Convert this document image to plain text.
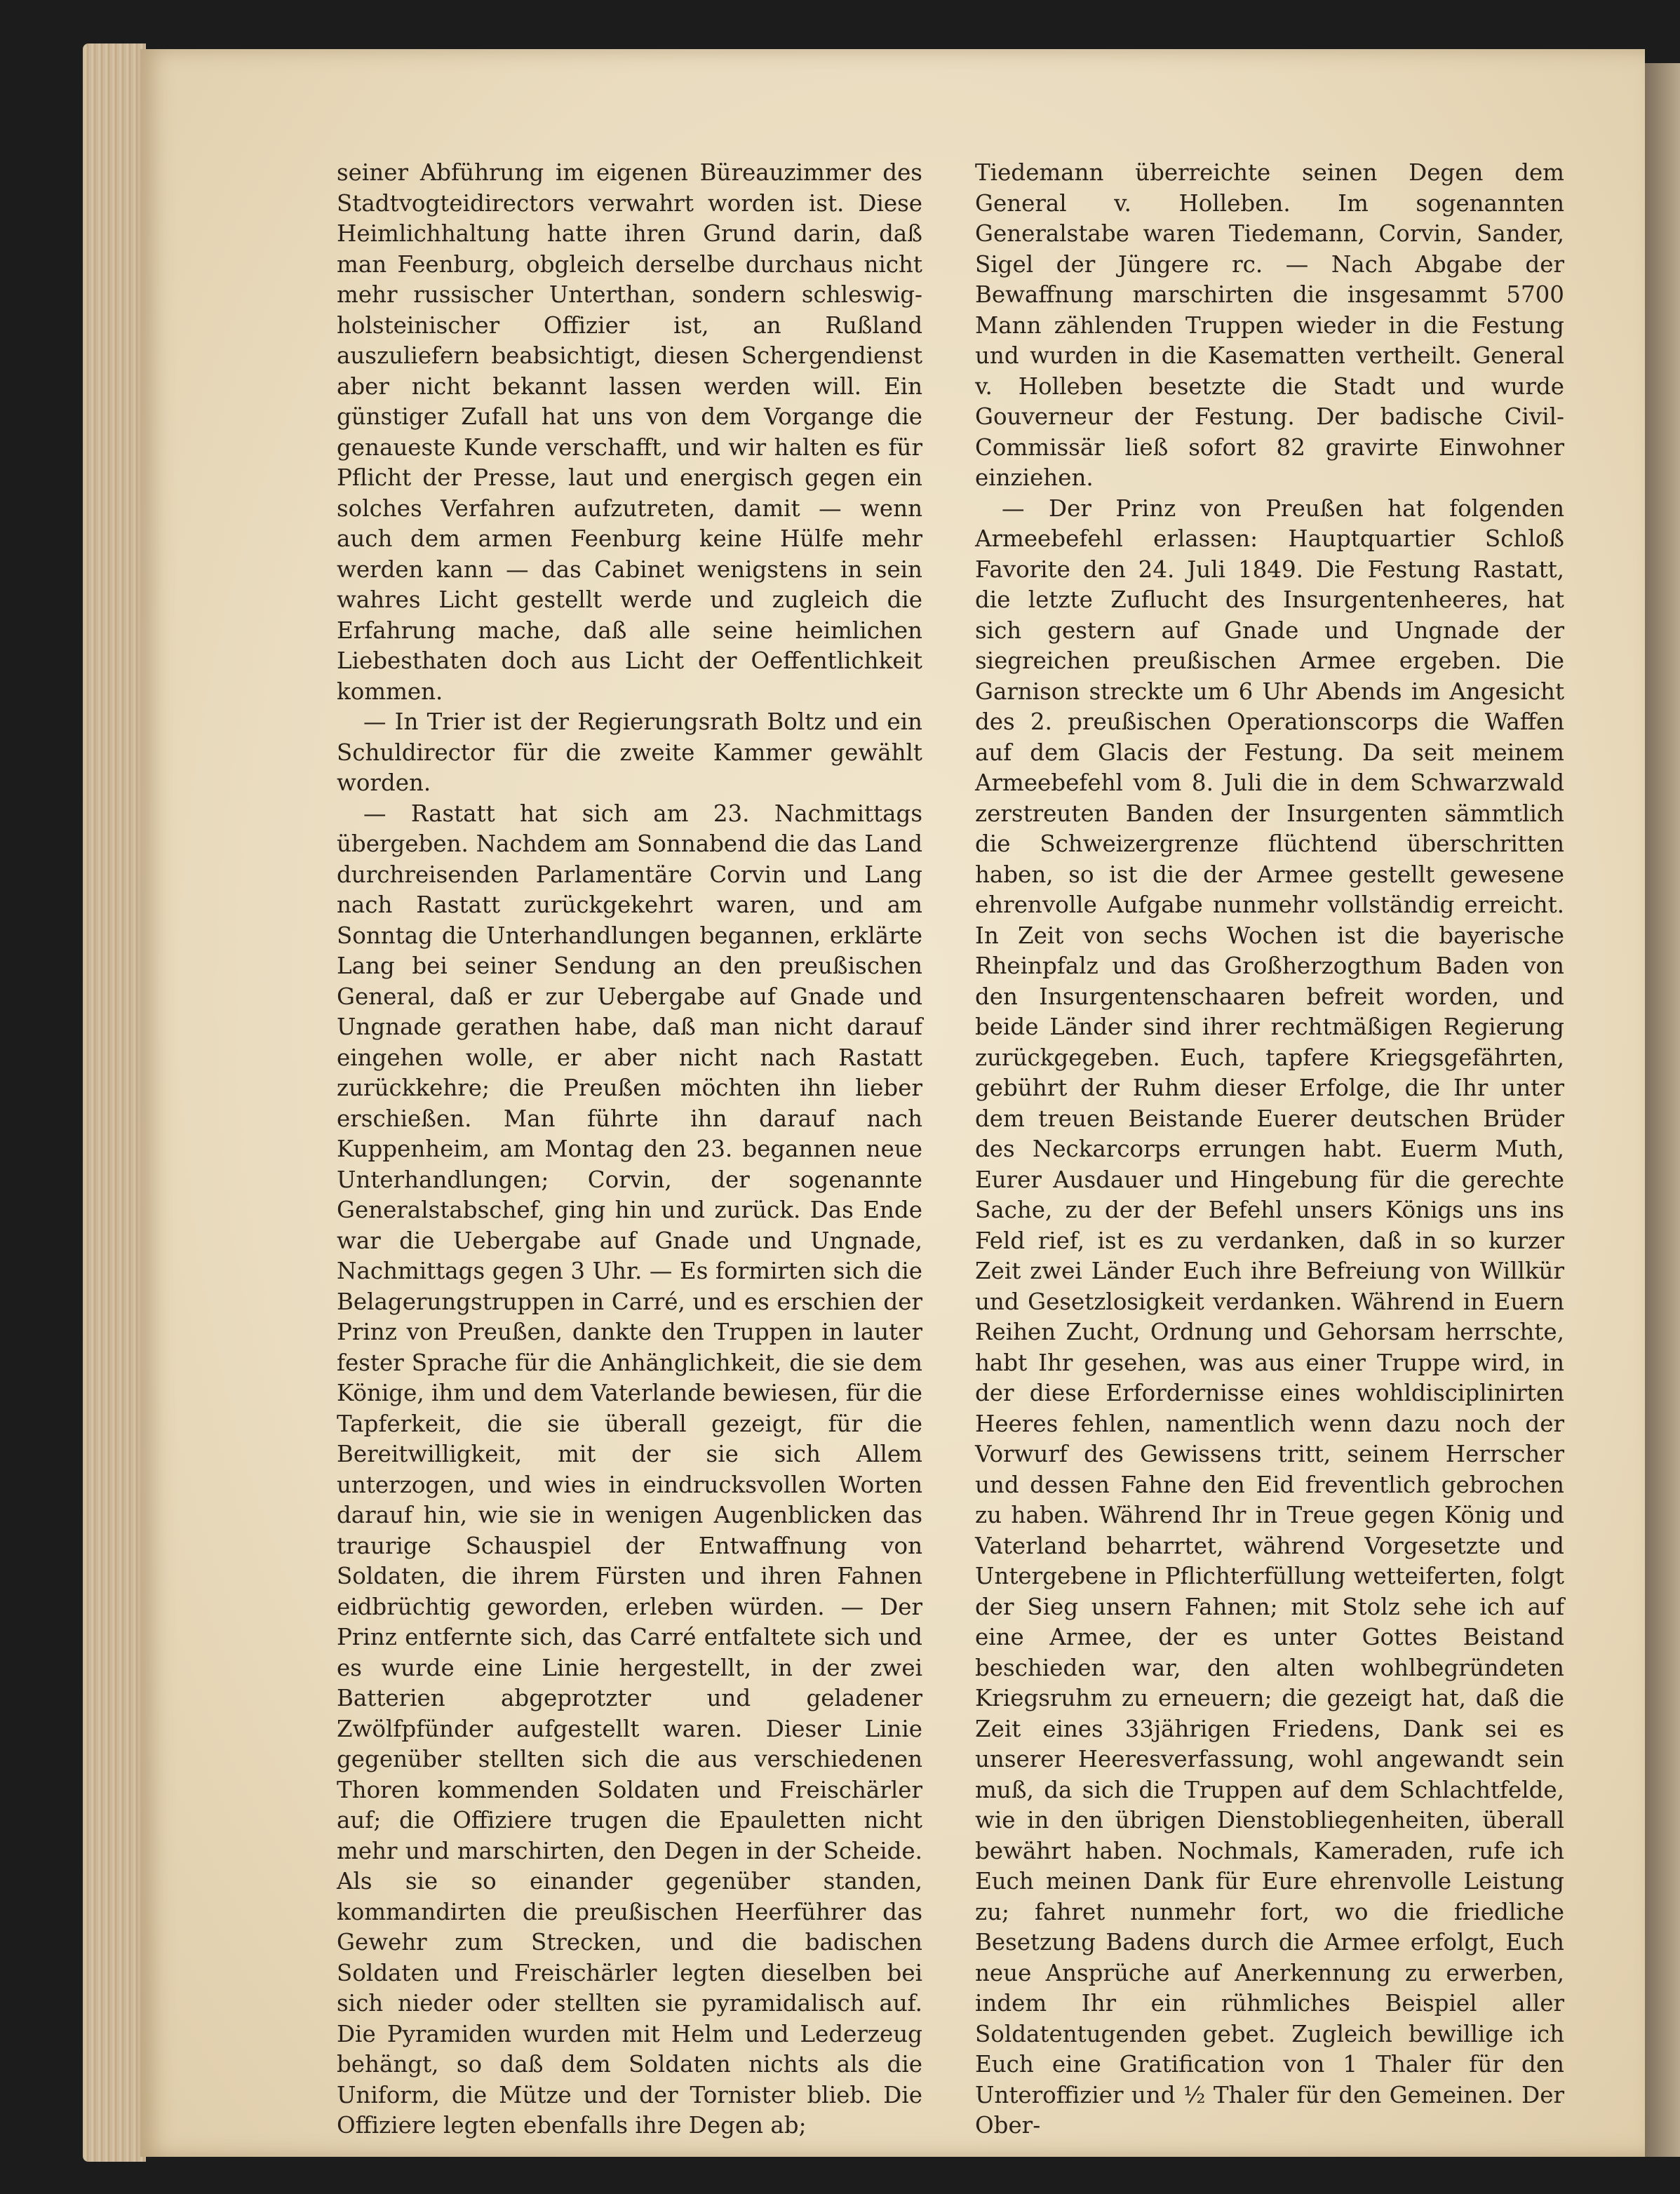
seiner Abführung im eigenen Büreauzimmer des Stadtvogteidirectors verwahrt worden ist. Diese Heimlichhaltung hatte ihren Grund darin, daß man Feenburg, obgleich derselbe durchaus nicht mehr russischer Unterthan, sondern schleswig-holsteinischer Offizier ist, an Rußland auszuliefern beabsichtigt, diesen Schergendienst aber nicht bekannt lassen werden will. Ein günstiger Zufall hat uns von dem Vorgange die genaueste Kunde verschafft, und wir halten es für Pflicht der Presse, laut und energisch gegen ein solches Verfahren aufzutreten, damit — wenn auch dem armen Feenburg keine Hülfe mehr werden kann — das Cabinet wenigstens in sein wahres Licht gestellt werde und zugleich die Erfahrung mache, daß alle seine heimlichen Liebesthaten doch aus Licht der Oeffentlichkeit kommen.

— In Trier ist der Regierungsrath Boltz und ein Schuldirector für die zweite Kammer gewählt worden.

— Rastatt hat sich am 23. Nachmittags übergeben. Nachdem am Sonnabend die das Land durchreisenden Parlamentäre Corvin und Lang nach Rastatt zurückgekehrt waren, und am Sonntag die Unterhandlungen begannen, erklärte Lang bei seiner Sendung an den preußischen General, daß er zur Uebergabe auf Gnade und Ungnade gerathen habe, daß man nicht darauf eingehen wolle, er aber nicht nach Rastatt zurückkehre; die Preußen möchten ihn lieber erschießen. Man führte ihn darauf nach Kuppenheim, am Montag den 23. begannen neue Unterhandlungen; Corvin, der sogenannte Generalstabschef, ging hin und zurück. Das Ende war die Uebergabe auf Gnade und Ungnade, Nachmittags gegen 3 Uhr. — Es formirten sich die Belagerungstruppen in Carré, und es erschien der Prinz von Preußen, dankte den Truppen in lauter fester Sprache für die Anhänglichkeit, die sie dem Könige, ihm und dem Vaterlande bewiesen, für die Tapferkeit, die sie überall gezeigt, für die Bereitwilligkeit, mit der sie sich Allem unterzogen, und wies in eindrucksvollen Worten darauf hin, wie sie in wenigen Augenblicken das traurige Schauspiel der Entwaffnung von Soldaten, die ihrem Fürsten und ihren Fahnen eidbrüchtig geworden, erleben würden. — Der Prinz entfernte sich, das Carré entfaltete sich und es wurde eine Linie hergestellt, in der zwei Batterien abgeprotzter und geladener Zwölfpfünder aufgestellt waren. Dieser Linie gegenüber stellten sich die aus verschiedenen Thoren kommenden Soldaten und Freischärler auf; die Offiziere trugen die Epauletten nicht mehr und marschirten, den Degen in der Scheide. Als sie so einander gegenüber standen, kommandirten die preußischen Heerführer das Gewehr zum Strecken, und die badischen Soldaten und Freischärler legten dieselben bei sich nieder oder stellten sie pyramidalisch auf. Die Pyramiden wurden mit Helm und Lederzeug behängt, so daß dem Soldaten nichts als die Uniform, die Mütze und der Tornister blieb. Die Offiziere legten ebenfalls ihre Degen ab;

Tiedemann überreichte seinen Degen dem General v. Holleben. Im sogenannten Generalstabe waren Tiedemann, Corvin, Sander, Sigel der Jüngere rc. — Nach Abgabe der Bewaffnung marschirten die insgesammt 5700 Mann zählenden Truppen wieder in die Festung und wurden in die Kasematten vertheilt. General v. Holleben besetzte die Stadt und wurde Gouverneur der Festung. Der badische Civil-Commissär ließ sofort 82 gravirte Einwohner einziehen.

— Der Prinz von Preußen hat folgenden Armeebefehl erlassen: Hauptquartier Schloß Favorite den 24. Juli 1849. Die Festung Rastatt, die letzte Zuflucht des Insurgentenheeres, hat sich gestern auf Gnade und Ungnade der siegreichen preußischen Armee ergeben. Die Garnison streckte um 6 Uhr Abends im Angesicht des 2. preußischen Operationscorps die Waffen auf dem Glacis der Festung. Da seit meinem Armeebefehl vom 8. Juli die in dem Schwarzwald zerstreuten Banden der Insurgenten sämmtlich die Schweizergrenze flüchtend überschritten haben, so ist die der Armee gestellt gewesene ehrenvolle Aufgabe nunmehr vollständig erreicht. In Zeit von sechs Wochen ist die bayerische Rheinpfalz und das Großherzogthum Baden von den Insurgentenschaaren befreit worden, und beide Länder sind ihrer rechtmäßigen Regierung zurückgegeben. Euch, tapfere Kriegsgefährten, gebührt der Ruhm dieser Erfolge, die Ihr unter dem treuen Beistande Euerer deutschen Brüder des Neckarcorps errungen habt. Euerm Muth, Eurer Ausdauer und Hingebung für die gerechte Sache, zu der der Befehl unsers Königs uns ins Feld rief, ist es zu verdanken, daß in so kurzer Zeit zwei Länder Euch ihre Befreiung von Willkür und Gesetzlosigkeit verdanken. Während in Euern Reihen Zucht, Ordnung und Gehorsam herrschte, habt Ihr gesehen, was aus einer Truppe wird, in der diese Erfordernisse eines wohldisciplinirten Heeres fehlen, namentlich wenn dazu noch der Vorwurf des Gewissens tritt, seinem Herrscher und dessen Fahne den Eid freventlich gebrochen zu haben. Während Ihr in Treue gegen König und Vaterland beharrtet, während Vorgesetzte und Untergebene in Pflichterfüllung wetteiferten, folgt der Sieg unsern Fahnen; mit Stolz sehe ich auf eine Armee, der es unter Gottes Beistand beschieden war, den alten wohlbegründeten Kriegsruhm zu erneuern; die gezeigt hat, daß die Zeit eines 33jährigen Friedens, Dank sei es unserer Heeresverfassung, wohl angewandt sein muß, da sich die Truppen auf dem Schlachtfelde, wie in den übrigen Dienstobliegenheiten, überall bewährt haben. Nochmals, Kameraden, rufe ich Euch meinen Dank für Eure ehrenvolle Leistung zu; fahret nunmehr fort, wo die friedliche Besetzung Badens durch die Armee erfolgt, Euch neue Ansprüche auf Anerkennung zu erwerben, indem Ihr ein rühmliches Beispiel aller Soldatentugenden gebet. Zugleich bewillige ich Euch eine Gratification von 1 Thaler für den Unteroffizier und ½ Thaler für den Gemeinen. Der Ober-
